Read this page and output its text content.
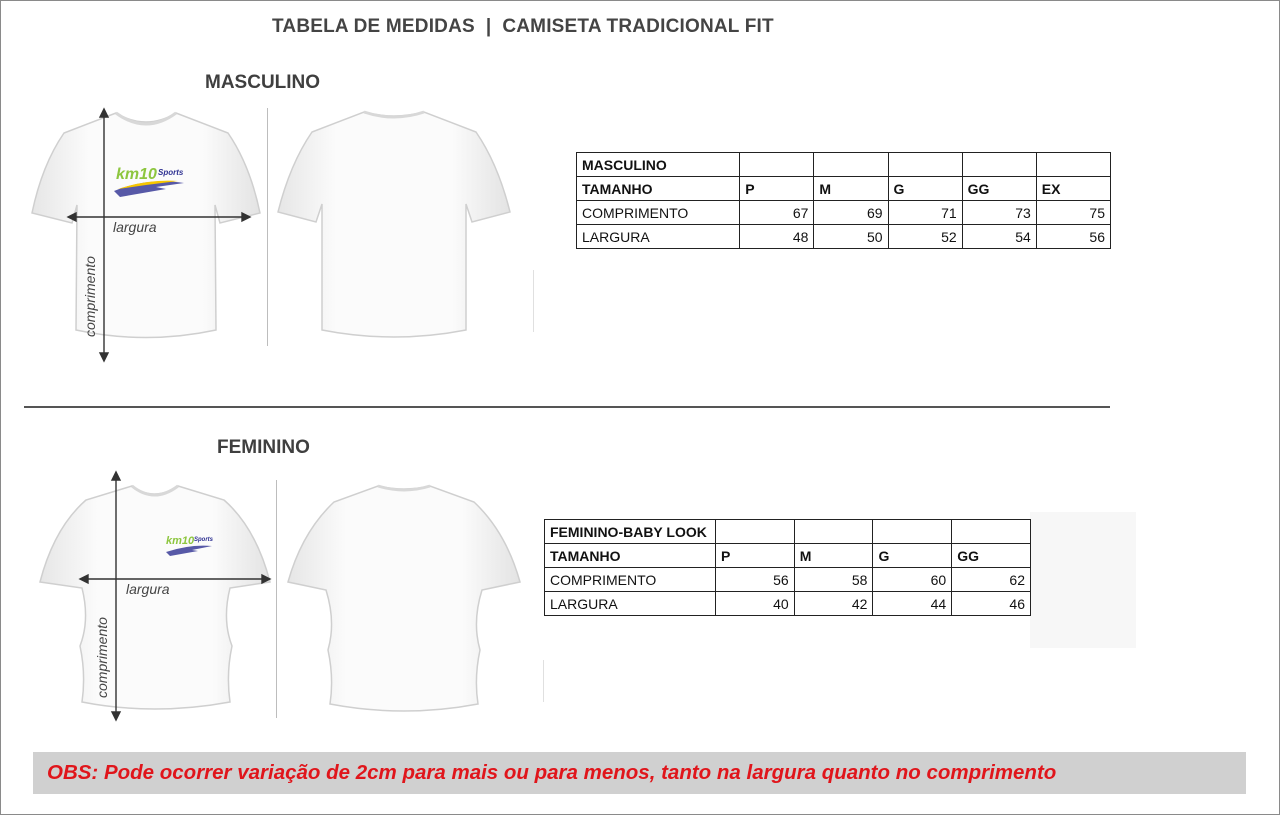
TABELA DE MEDIDAS  |  CAMISETA TRADICIONAL FIT
MASCULINO
km10 Sports
largura
comprimento
MASCULINO					
TAMANHO	P	M	G	GG	EX
COMPRIMENTO	67	69	71	73	75
LARGURA	48	50	52	54	56
FEMININO
km10 Sports
largura
comprimento
FEMININO-BABY LOOK				
TAMANHO	P	M	G	GG
COMPRIMENTO	56	58	60	62
LARGURA	40	42	44	46
OBS: Pode ocorrer variação de 2cm para mais ou para menos, tanto na largura quanto no comprimento
